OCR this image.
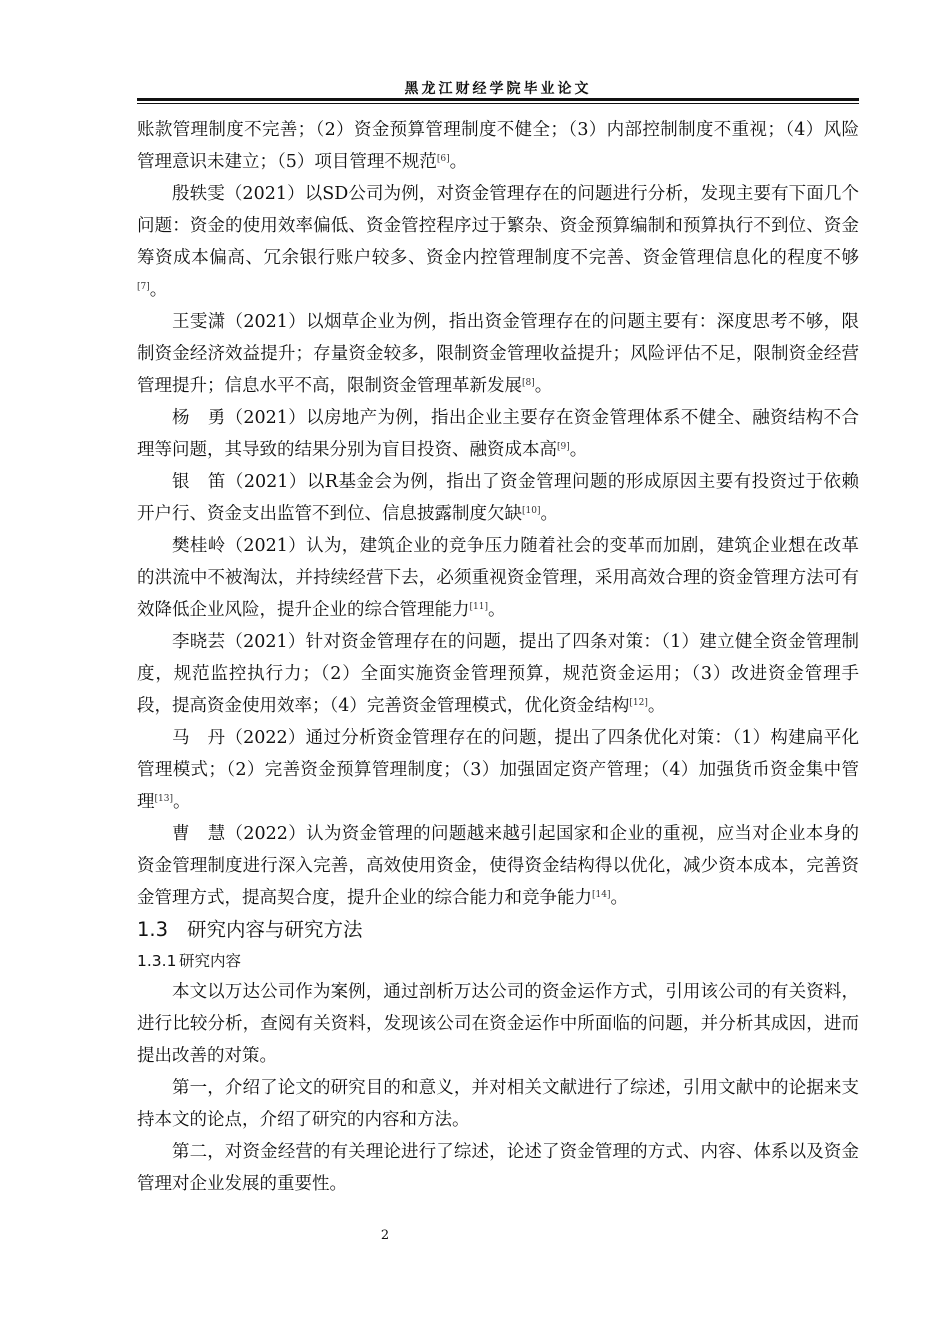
黑龙江财经学院毕业论文

账款管理制度不完善；（2）资金预算管理制度不健全；（3）内部控制制度不重视；（4）风险管理意识未建立；（5）项目管理不规范[6]。

殷轶雯（2021）以SD公司为例，对资金管理存在的问题进行分析，发现主要有下面几个问题：资金的使用效率偏低、资金管控程序过于繁杂、资金预算编制和预算执行不到位、资金筹资成本偏高、冗余银行账户较多、资金内控管理制度不完善、资金管理信息化的程度不够[7]。

王雯潇（2021）以烟草企业为例，指出资金管理存在的问题主要有：深度思考不够，限制资金经济效益提升；存量资金较多，限制资金管理收益提升；风险评估不足，限制资金经营管理提升；信息水平不高，限制资金管理革新发展[8]。

杨　勇（2021）以房地产为例，指出企业主要存在资金管理体系不健全、融资结构不合理等问题，其导致的结果分别为盲目投资、融资成本高[9]。

银　笛（2021）以R基金会为例，指出了资金管理问题的形成原因主要有投资过于依赖开户行、资金支出监管不到位、信息披露制度欠缺[10]。

樊桂岭（2021）认为，建筑企业的竞争压力随着社会的变革而加剧，建筑企业想在改革的洪流中不被淘汰，并持续经营下去，必须重视资金管理，采用高效合理的资金管理方法可有效降低企业风险，提升企业的综合管理能力[11]。

李晓芸（2021）针对资金管理存在的问题，提出了四条对策：（1）建立健全资金管理制度，规范监控执行力；（2）全面实施资金管理预算，规范资金运用；（3）改进资金管理手段，提高资金使用效率；（4）完善资金管理模式，优化资金结构[12]。

马　丹（2022）通过分析资金管理存在的问题，提出了四条优化对策：（1）构建扁平化管理模式；（2）完善资金预算管理制度；（3）加强固定资产管理；（4）加强货币资金集中管理[13]。

曹　慧（2022）认为资金管理的问题越来越引起国家和企业的重视，应当对企业本身的资金管理制度进行深入完善，高效使用资金，使得资金结构得以优化，减少资本成本，完善资金管理方式，提高契合度，提升企业的综合能力和竞争能力[14]。

1.3 研究内容与研究方法
1.3.1 研究内容

本文以万达公司作为案例，通过剖析万达公司的资金运作方式，引用该公司的有关资料，进行比较分析，查阅有关资料，发现该公司在资金运作中所面临的问题，并分析其成因，进而提出改善的对策。

第一，介绍了论文的研究目的和意义，并对相关文献进行了综述，引用文献中的论据来支持本文的论点，介绍了研究的内容和方法。

第二，对资金经营的有关理论进行了综述，论述了资金管理的方式、内容、体系以及资金管理对企业发展的重要性。

2
